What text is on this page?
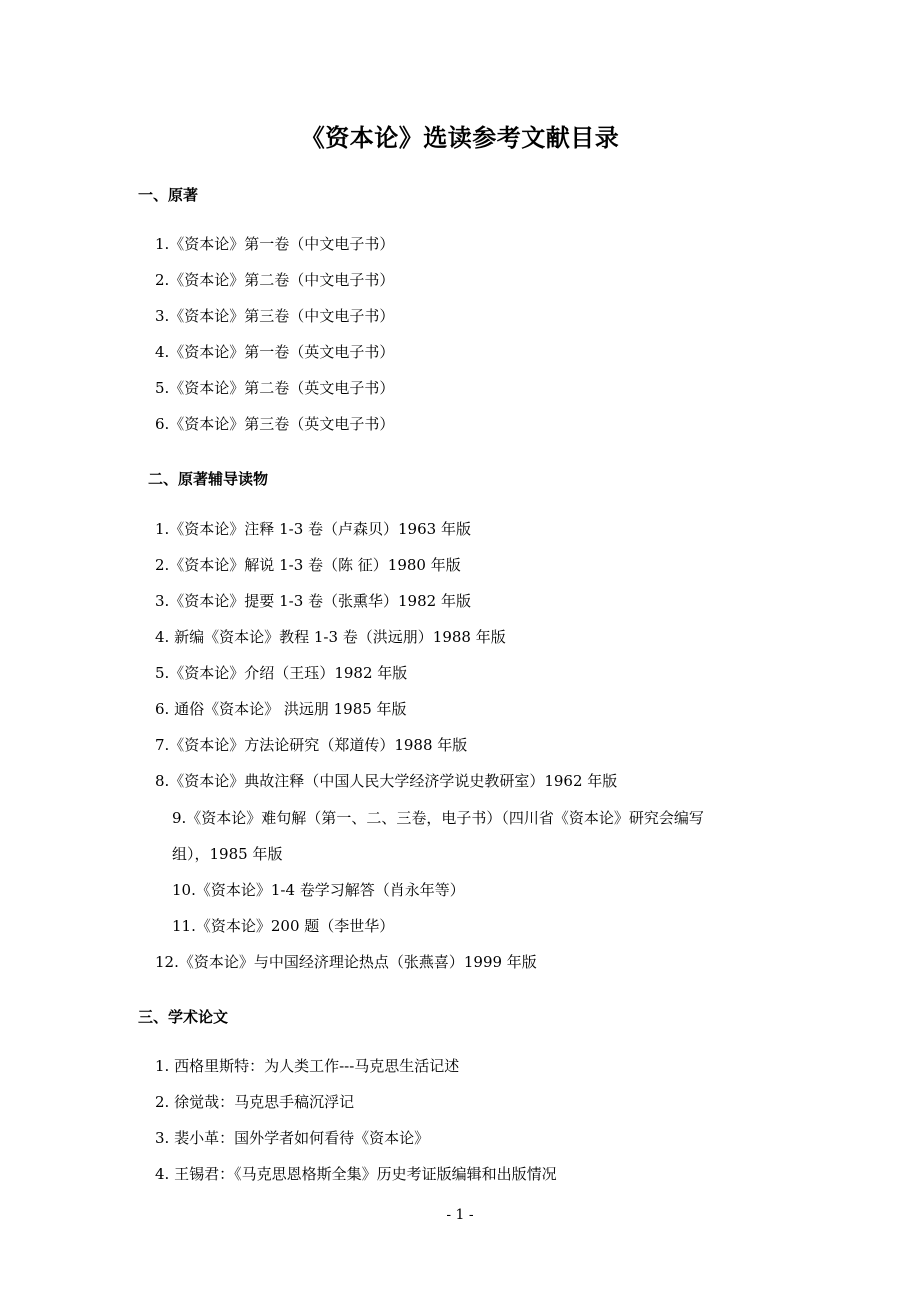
《资本论》选读参考文献目录
一、原著
1.《资本论》第一卷（中文电子书）
2.《资本论》第二卷（中文电子书）
3.《资本论》第三卷（中文电子书）
4.《资本论》第一卷（英文电子书）
5.《资本论》第二卷（英文电子书）
6.《资本论》第三卷（英文电子书）
二、原著辅导读物
1.《资本论》注释 1-3 卷（卢森贝）1963 年版
2.《资本论》解说 1-3 卷（陈 征）1980 年版
3.《资本论》提要 1-3 卷（张熏华）1982 年版
4. 新编《资本论》教程 1-3 卷（洪远朋）1988 年版
5.《资本论》介绍（王珏）1982 年版
6. 通俗《资本论》 洪远朋 1985 年版
7.《资本论》方法论研究（郑道传）1988 年版
8.《资本论》典故注释（中国人民大学经济学说史教研室）1962 年版
9.《资本论》难句解（第一、二、三卷，电子书）（四川省《资本论》研究会编写
组），1985 年版
10.《资本论》1-4 卷学习解答（肖永年等）
11.《资本论》200 题（李世华）
12.《资本论》与中国经济理论热点（张燕喜）1999 年版
三、学术论文
1. 西格里斯特：为人类工作---马克思生活记述
2. 徐觉哉：马克思手稿沉浮记
3. 裴小革：国外学者如何看待《资本论》
4. 王锡君：《马克思恩格斯全集》历史考证版编辑和出版情况
- 1 -
